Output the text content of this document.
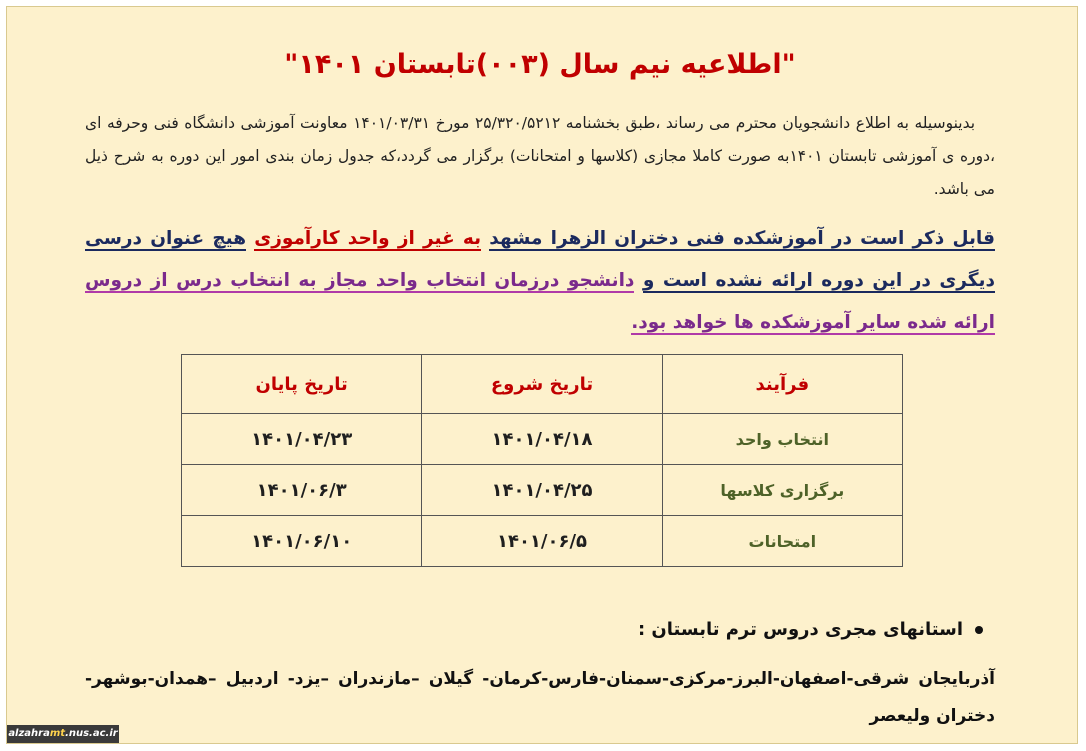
"اطلاعیه نیم سال (۰۰۳)تابستان ۱۴۰۱"

بدینوسیله به اطلاع دانشجویان محترم می رساند ،طبق بخشنامه ۲۵/۳۲۰/۵۲۱۲ مورخ ۱۴۰۱/۰۳/۳۱ معاونت آموزشی دانشگاه فنی وحرفه ای ،دوره ی آموزشی تابستان ۱۴۰۱به صورت کاملا مجازی (کلاسها و امتحانات) برگزار می گردد،که جدول زمان بندی امور این دوره به شرح ذیل می باشد.

قابل ذکر است در آموزشکده فنی دختران الزهرا مشهد به غیر از واحد کارآموزی هیچ عنوان درسی دیگری در این دوره ارائه نشده است و دانشجو درزمان انتخاب واحد مجاز به انتخاب درس از دروس ارائه شده سایر آموزشکده ها خواهد بود.

فرآیند	تاریخ شروع	تاریخ پایان
انتخاب واحد	۱۴۰۱/۰۴/۱۸	۱۴۰۱/۰۴/۲۳
برگزاری کلاسها	۱۴۰۱/۰۴/۲۵	۱۴۰۱/۰۶/۳
امتحانات	۱۴۰۱/۰۶/۵	۱۴۰۱/۰۶/۱۰
استانهای مجری دروس ترم تابستان :
آذربایجان شرقی-اصفهان-البرز-مرکزی-سمنان-فارس-کرمان- گیلان –مازندران –یزد- اردبیل –همدان-بوشهر-دختران ولیعصر
alzahramt.nus.ac.ir
